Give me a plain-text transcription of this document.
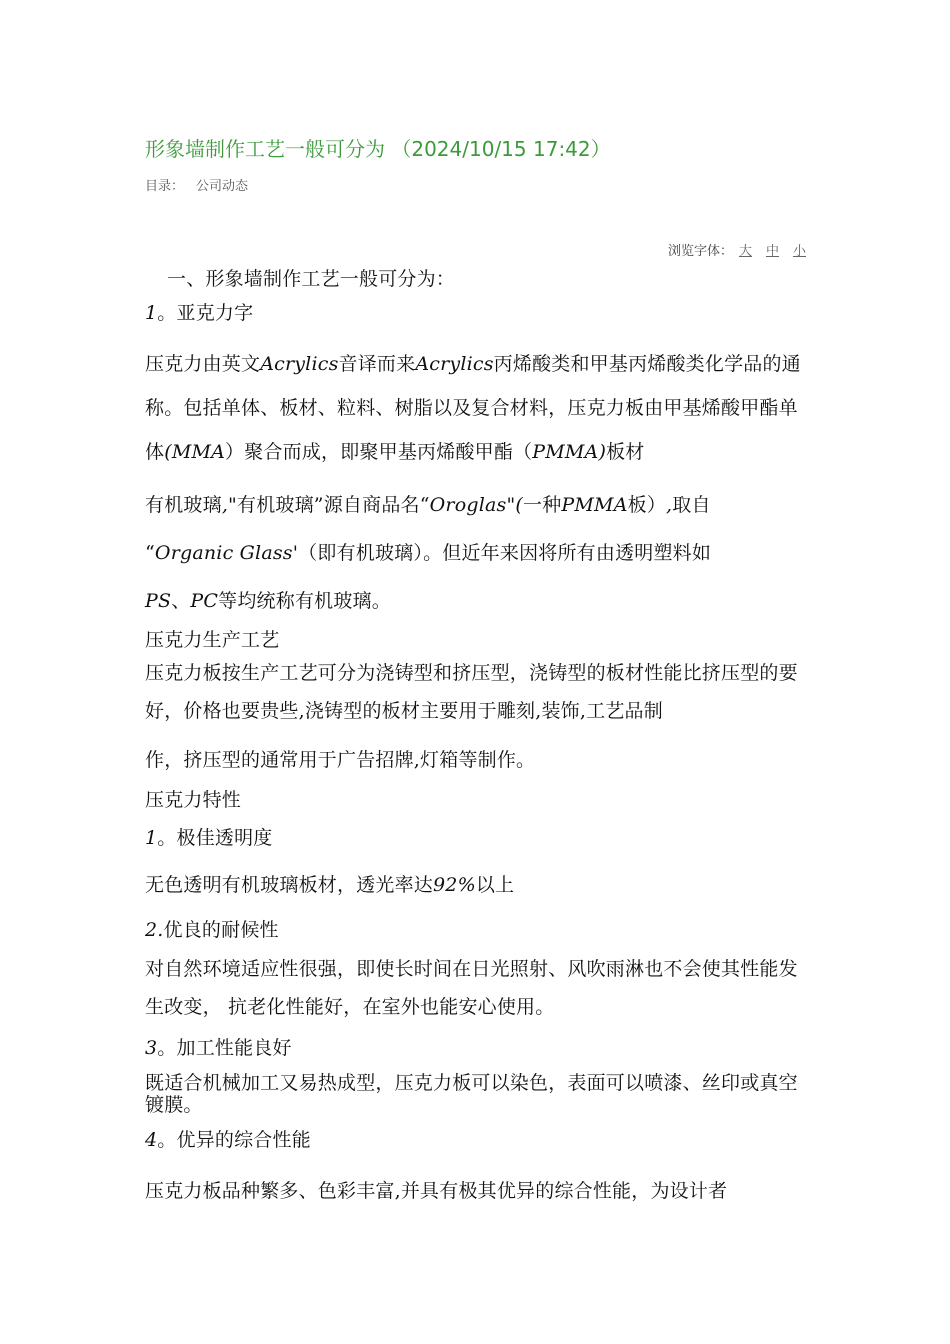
形象墙制作工艺一般可分为 （2024/10/15 17:42）
目录： 公司动态
浏览字体： 大 中 小

一、形象墙制作工艺一般可分为：

1。亚克力字

压克力由英文Acrylics音译而来Acrylics丙烯酸类和甲基丙烯酸类化学品的通称。包括单体、板材、粒料、树脂以及复合材料，压克力板由甲基烯酸甲酯单体(MMA）聚合而成，即聚甲基丙烯酸甲酯（PMMA)板材

有机玻璃,"有机玻璃”源自商品名“Oroglas"(一种PMMA板）,取自

“Organic Glass'（即有机玻璃）。但近年来因将所有由透明塑料如

PS、PC等均统称有机玻璃。

压克力生产工艺

压克力板按生产工艺可分为浇铸型和挤压型，浇铸型的板材性能比挤压型的要好，价格也要贵些,浇铸型的板材主要用于雕刻,装饰,工艺品制

作，挤压型的通常用于广告招牌,灯箱等制作。

压克力特性

1。极佳透明度

无色透明有机玻璃板材，透光率达92%以上

2.优良的耐候性

对自然环境适应性很强，即使长时间在日光照射、风吹雨淋也不会使其性能发生改变， 抗老化性能好，在室外也能安心使用。

3。加工性能良好

既适合机械加工又易热成型，压克力板可以染色，表面可以喷漆、丝印或真空镀膜。

4。优异的综合性能

压克力板品种繁多、色彩丰富,并具有极其优异的综合性能，为设计者
